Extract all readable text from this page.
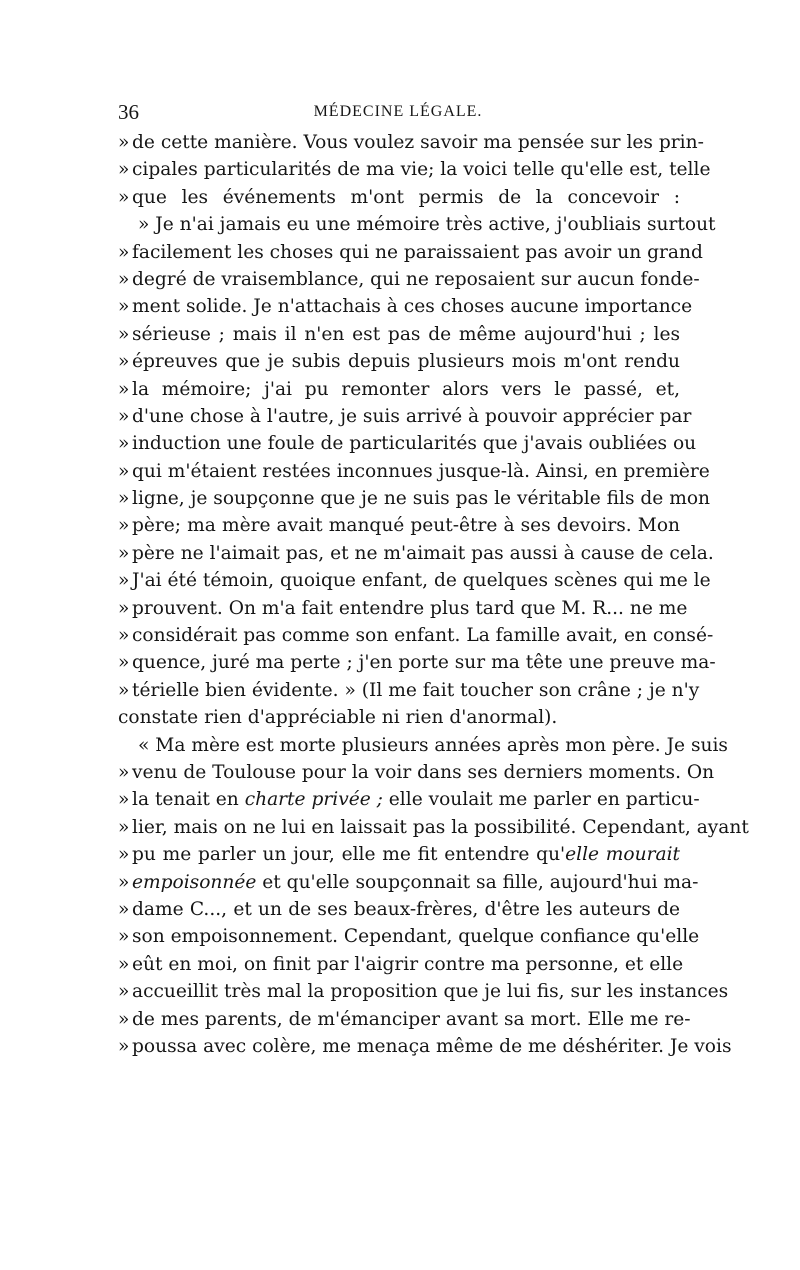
36	MÉDECINE LÉGALE.
» de cette manière. Vous voulez savoir ma pensée sur les prin-
» cipales particularités de ma vie; la voici telle qu'elle est, telle
» que les événements m'ont permis de la concevoir :
» Je n'ai jamais eu une mémoire très active, j'oubliais surtout
» facilement les choses qui ne paraissaient pas avoir un grand
» degré de vraisemblance, qui ne reposaient sur aucun fonde-
» ment solide. Je n'attachais à ces choses aucune importance
» sérieuse ; mais il n'en est pas de même aujourd'hui ; les
» épreuves que je subis depuis plusieurs mois m'ont rendu
» la mémoire; j'ai pu remonter alors vers le passé, et,
» d'une chose à l'autre, je suis arrivé à pouvoir apprécier par
» induction une foule de particularités que j'avais oubliées ou
» qui m'étaient restées inconnues jusque-là. Ainsi, en première
» ligne, je soupçonne que je ne suis pas le véritable fils de mon
» père; ma mère avait manqué peut-être à ses devoirs. Mon
» père ne l'aimait pas, et ne m'aimait pas aussi à cause de cela.
» J'ai été témoin, quoique enfant, de quelques scènes qui me le
» prouvent. On m'a fait entendre plus tard que M. R... ne me
» considérait pas comme son enfant. La famille avait, en consé-
» quence, juré ma perte ; j'en porte sur ma tête une preuve ma-
» térielle bien évidente. » (Il me fait toucher son crâne ; je n'y
constate rien d'appréciable ni rien d'anormal).
« Ma mère est morte plusieurs années après mon père. Je suis
» venu de Toulouse pour la voir dans ses derniers moments. On
» la tenait en charte privée ; elle voulait me parler en particu-
» lier, mais on ne lui en laissait pas la possibilité. Cependant, ayant
» pu me parler un jour, elle me fit entendre qu'elle mourait
» empoisonnée et qu'elle soupçonnait sa fille, aujourd'hui ma-
» dame C..., et un de ses beaux-frères, d'être les auteurs de
» son empoisonnement. Cependant, quelque confiance qu'elle
» eût en moi, on finit par l'aigrir contre ma personne, et elle
» accueillit très mal la proposition que je lui fis, sur les instances
» de mes parents, de m'émanciper avant sa mort. Elle me re-
» poussa avec colère, me menaça même de me déshériter. Je vois
